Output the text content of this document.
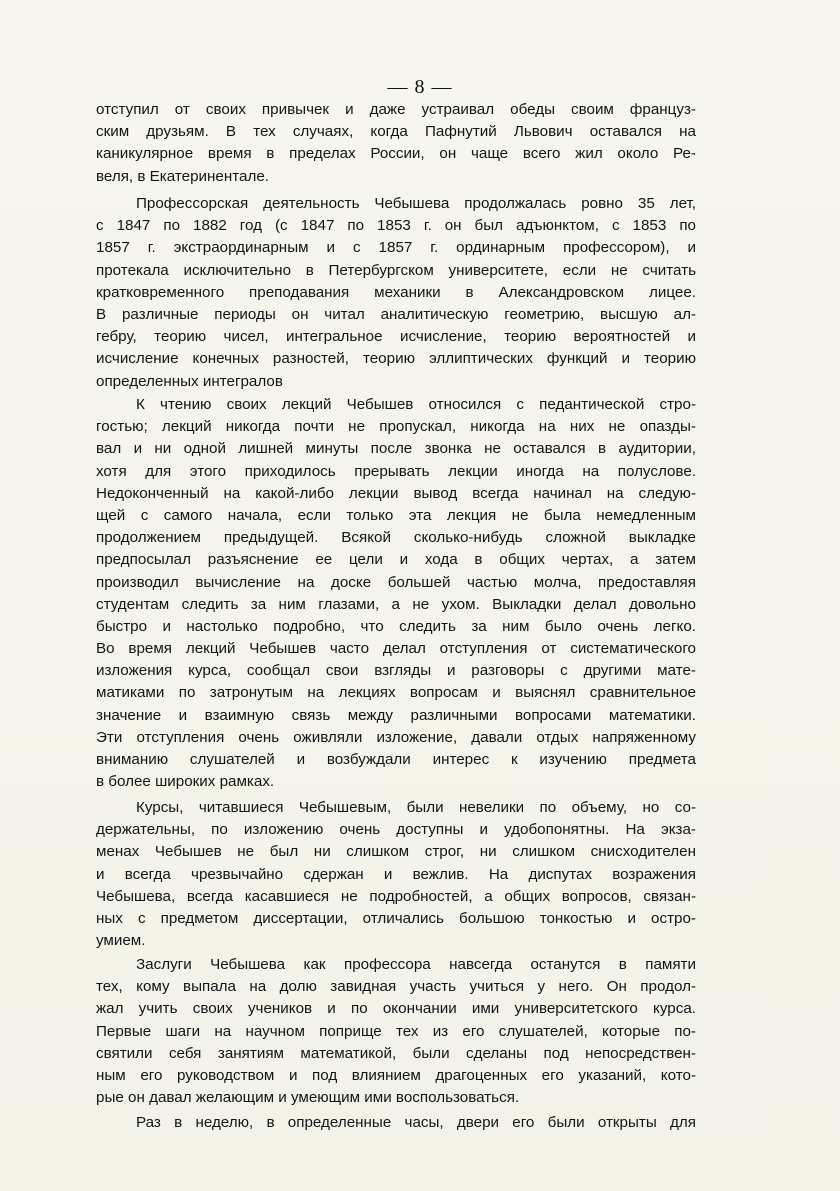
— 8 —
отступил от своих привычек и даже устраивал обеды своим француз-
ским друзьям. В тех случаях, когда Пафнутий Львович оставался на
каникулярное время в пределах России, он чаще всего жил около Ре-
веля, в Екатеринентале.
Профессорская деятельность Чебышева продолжалась ровно 35 лет,
с 1847 по 1882 год (с 1847 по 1853 г. он был адъюнктом, с 1853 по
1857 г. экстраординарным и с 1857 г. ординарным профессором), и
протекала исключительно в Петербургском университете, если не считать
кратковременного преподавания механики в Александровском лицее.
В различные периоды он читал аналитическую геометрию, высшую ал-
гебру, теорию чисел, интегральное исчисление, теорию вероятностей и
исчисление конечных разностей, теорию эллиптических функций и теорию
определенных интегралов
К чтению своих лекций Чебышев относился с педантической стро-
гостью; лекций никогда почти не пропускал, никогда на них не опазды-
вал и ни одной лишней минуты после звонка не оставался в аудитории,
хотя для этого приходилось прерывать лекции иногда на полуслове.
Недоконченный на какой-либо лекции вывод всегда начинал на следую-
щей с самого начала, если только эта лекция не была немедленным
продолжением предыдущей. Всякой сколько-нибудь сложной выкладке
предпосылал разъяснение ее цели и хода в общих чертах, а затем
производил вычисление на доске большей частью молча, предоставляя
студентам следить за ним глазами, а не ухом. Выкладки делал довольно
быстро и настолько подробно, что следить за ним было очень легко.
Во время лекций Чебышев часто делал отступления от систематического
изложения курса, сообщал свои взгляды и разговоры с другими мате-
матиками по затронутым на лекциях вопросам и выяснял сравнительное
значение и взаимную связь между различными вопросами математики.
Эти отступления очень оживляли изложение, давали отдых напряженному
вниманию слушателей и возбуждали интерес к изучению предмета
в более широких рамках.
Курсы, читавшиеся Чебышевым, были невелики по объему, но со-
держательны, по изложению очень доступны и удобопонятны. На экза-
менах Чебышев не был ни слишком строг, ни слишком снисходителен
и всегда чрезвычайно сдержан и вежлив. На диспутах возражения
Чебышева, всегда касавшиеся не подробностей, а общих вопросов, связан-
ных с предметом диссертации, отличались большою тонкостью и остро-
умием.
Заслуги Чебышева как профессора навсегда останутся в памяти
тех, кому выпала на долю завидная участь учиться у него. Он продол-
жал учить своих учеников и по окончании ими университетского курса.
Первые шаги на научном поприще тех из его слушателей, которые по-
святили себя занятиям математикой, были сделаны под непосредствен-
ным его руководством и под влиянием драгоценных его указаний, кото-
рые он давал желающим и умеющим ими воспользоваться.
Раз в неделю, в определенные часы, двери его были открыты для
